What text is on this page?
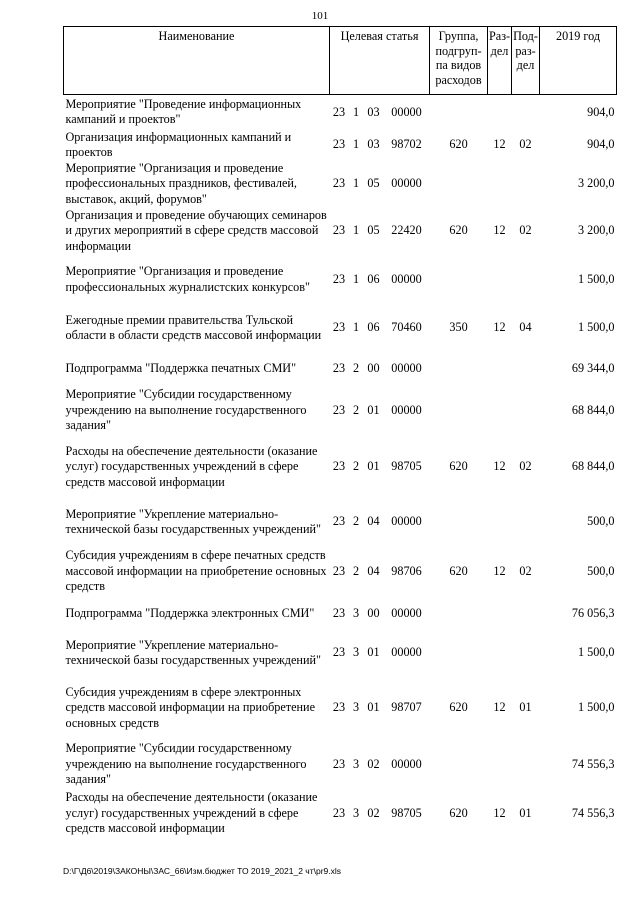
101
Наименование	Целевая статья				Группа, подгруп-па видов расходов	Раз-дел	Под-раз-дел	2019 год
Мероприятие "Проведение информационных кампаний и проектов"	23	1	03	00000				904,0
Организация информационных кампаний и проектов	23	1	03	98702	620	12	02	904,0
Мероприятие "Организация и проведение профессиональных праздников, фестивалей, выставок, акций, форумов"	23	1	05	00000				3 200,0
Организация и проведение обучающих семинаров и других мероприятий в сфере средств массовой информации	23	1	05	22420	620	12	02	3 200,0
Мероприятие "Организация и проведение профессиональных журналистских конкурсов"	23	1	06	00000				1 500,0
Ежегодные премии правительства Тульской области в области средств массовой информации	23	1	06	70460	350	12	04	1 500,0
Подпрограмма "Поддержка печатных СМИ"	23	2	00	00000				69 344,0
Мероприятие "Субсидии государственному учреждению на выполнение государственного задания"	23	2	01	00000				68 844,0
Расходы на обеспечение деятельности (оказание услуг) государственных учреждений в сфере средств массовой информации	23	2	01	98705	620	12	02	68 844,0
Мероприятие "Укрепление материально-технической базы государственных учреждений"	23	2	04	00000				500,0
Субсидия учреждениям в сфере печатных средств массовой информации на приобретение основных средств	23	2	04	98706	620	12	02	500,0
Подпрограмма "Поддержка электронных СМИ"	23	3	00	00000				76 056,3
Мероприятие "Укрепление материально-технической базы государственных учреждений"	23	3	01	00000				1 500,0
Субсидия учреждениям в сфере электронных средств массовой информации на приобретение основных средств	23	3	01	98707	620	12	01	1 500,0
Мероприятие "Субсидии государственному учреждению на выполнение государственного задания"	23	3	02	00000				74 556,3
Расходы на обеспечение деятельности (оказание услуг) государственных учреждений в сфере средств массовой информации	23	3	02	98705	620	12	01	74 556,3
D:\Г\Д6\2019\ЗАКОНЫ\ЗАС_66\Изм.бюджет ТО 2019_2021_2 чт\pr9.xls
